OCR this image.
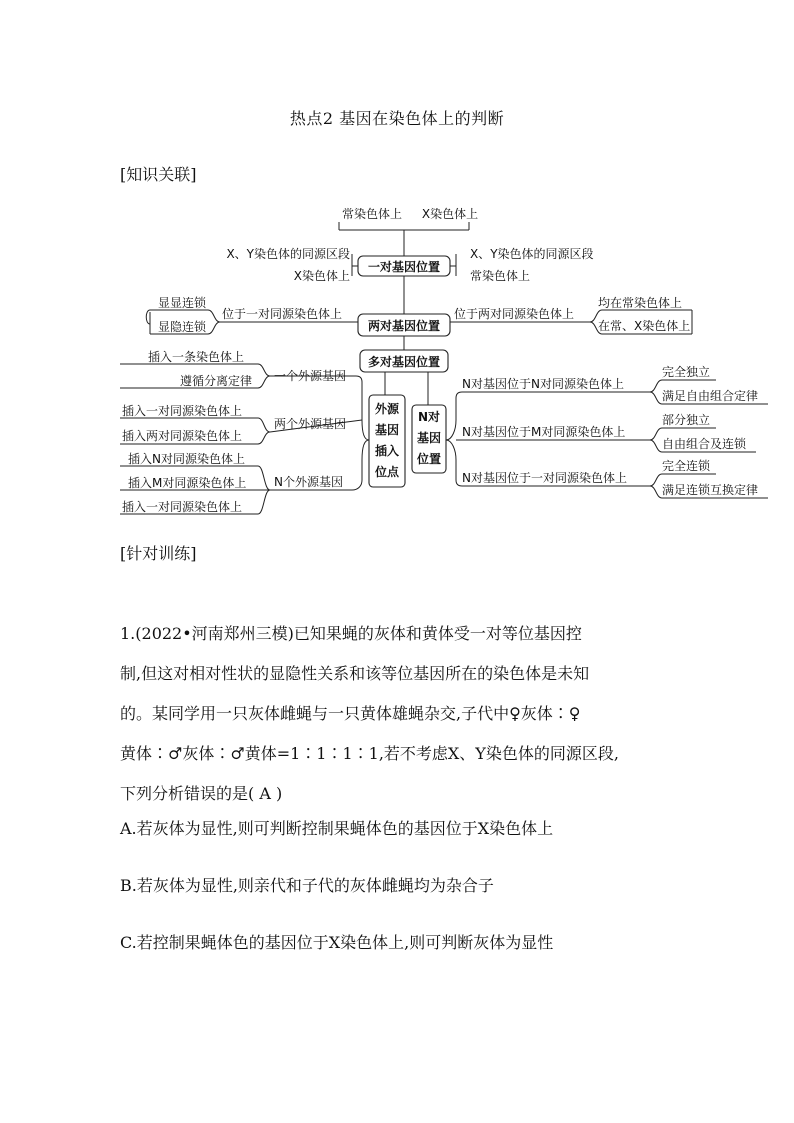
热点2 基因在染色体上的判断
[知识关联]
常染色体上 X染色体上
一对基因位置
X、Y染色体的同源区段
X染色体上
X、Y染色体的同源区段
常染色体上
两对基因位置
位于一对同源染色体上
显显连锁
显隐连锁
位于两对同源染色体上
均在常染色体上
在常、X染色体上
多对基因位置
外源
基因
插入
位点
N对
基因
位置
一个外源基因
插入一条染色体上
遵循分离定律
两个外源基因
插入一对同源染色体上
插入两对同源染色体上
N个外源基因
插入N对同源染色体上
插入M对同源染色体上
插入一对同源染色体上
N对基因位于N对同源染色体上
完全独立
满足自由组合定律
N对基因位于M对同源染色体上
部分独立
自由组合及连锁
N对基因位于一对同源染色体上
完全连锁
满足连锁互换定律
[针对训练]
1.(2022•河南郑州三模)已知果蝇的灰体和黄体受一对等位基因控
制,但这对相对性状的显隐性关系和该等位基因所在的染色体是未知
的。某同学用一只灰体雌蝇与一只黄体雄蝇杂交,子代中♀灰体∶♀
黄体∶♂灰体∶♂黄体=1∶1∶1∶1,若不考虑X、Y染色体的同源区段,
下列分析错误的是( A )
A.若灰体为显性,则可判断控制果蝇体色的基因位于X染色体上
B.若灰体为显性,则亲代和子代的灰体雌蝇均为杂合子
C.若控制果蝇体色的基因位于X染色体上,则可判断灰体为显性
